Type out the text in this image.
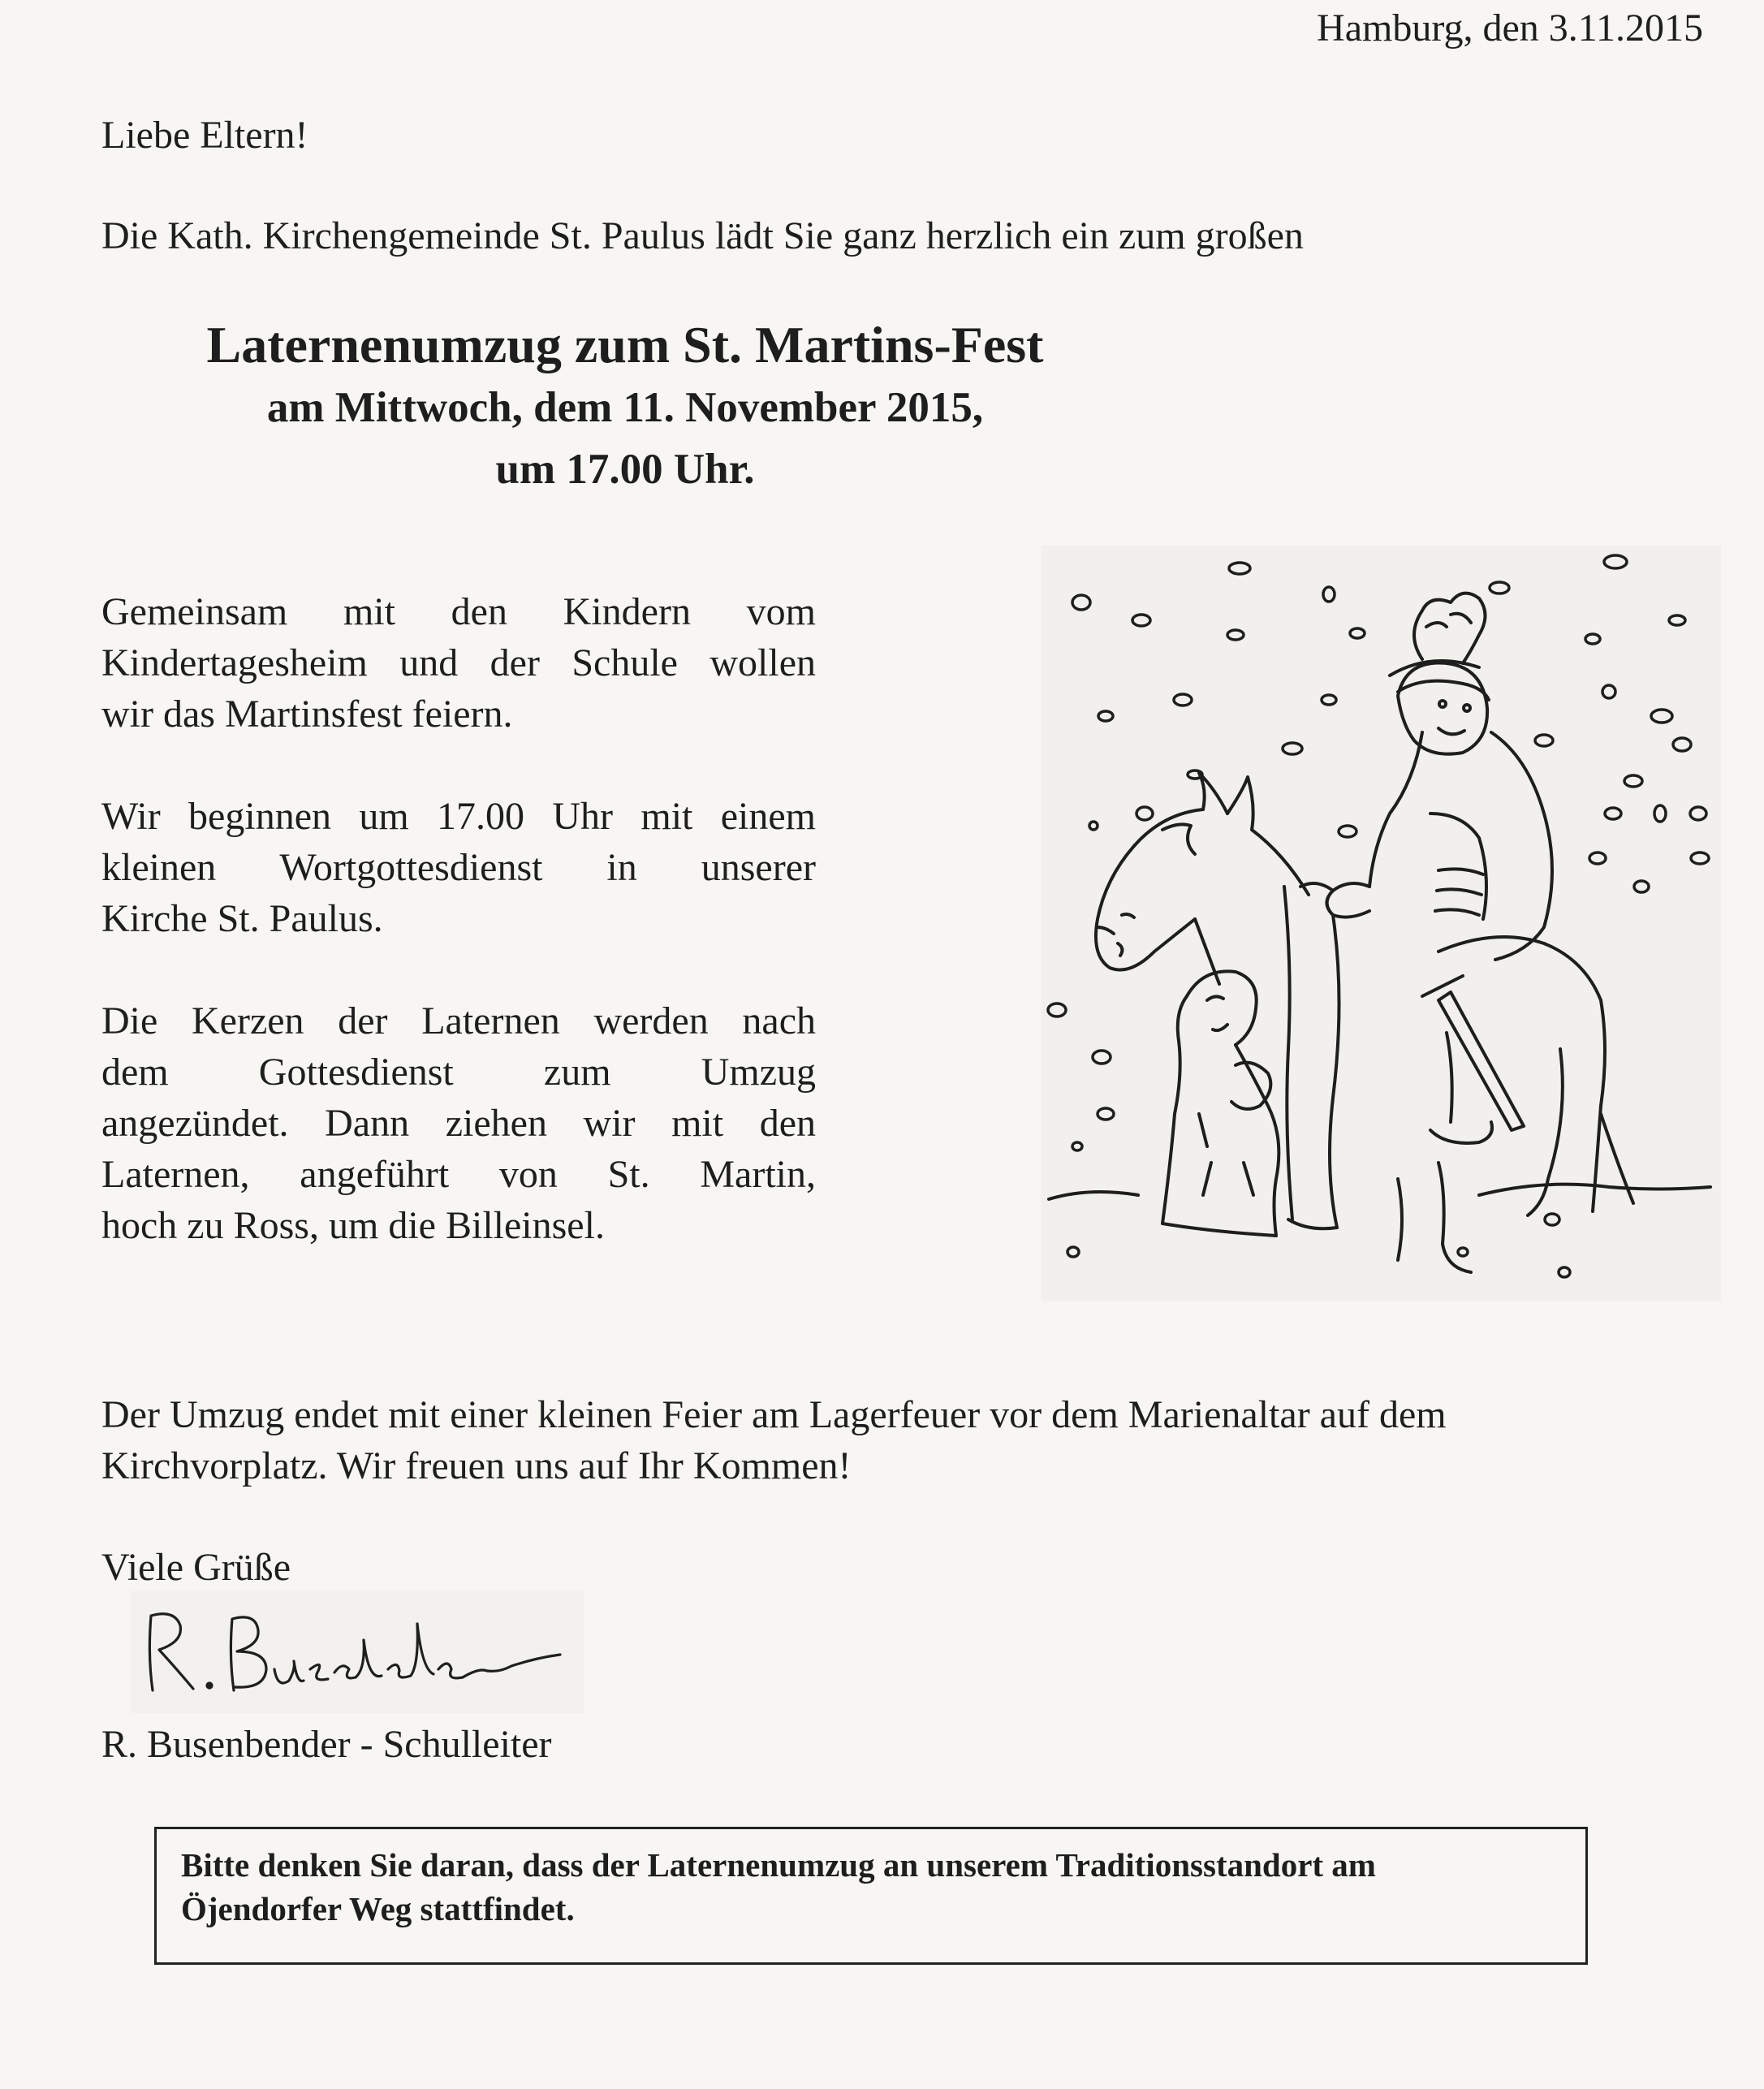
Hamburg, den 3.11.2015
Liebe Eltern!
Die Kath. Kirchengemeinde St. Paulus lädt Sie ganz herzlich ein zum großen
Laternenumzug zum St. Martins-Fest
am Mittwoch, dem 11. November 2015,
um 17.00 Uhr.
Gemeinsam mit den Kindern vom
Kindertagesheim und der Schule wollen
wir das Martinsfest feiern.
Wir beginnen um 17.00 Uhr mit einem
kleinen Wortgottesdienst in unserer
Kirche St. Paulus.
Die Kerzen der Laternen werden nach
dem Gottesdienst zum Umzug
angezündet. Dann ziehen wir mit den
Laternen, angeführt von St. Martin,
hoch zu Ross, um die Billeinsel.
Der Umzug endet mit einer kleinen Feier am Lagerfeuer vor dem Marienaltar auf dem
Kirchvorplatz. Wir freuen uns auf Ihr Kommen!
Viele Grüße
R. Busenbender - Schulleiter
Bitte denken Sie daran, dass der Laternenumzug an unserem Traditionsstandort am
Öjendorfer Weg stattfindet.
